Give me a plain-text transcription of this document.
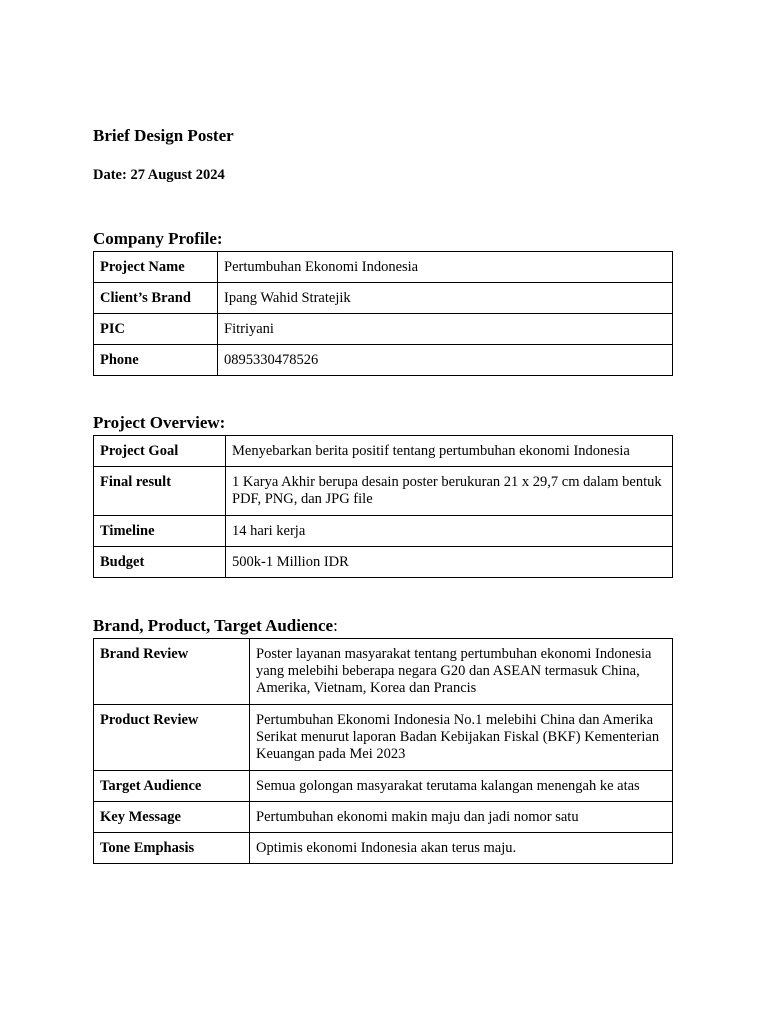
Brief Design Poster

Date: 27 August 2024

Company Profile:
Project Name	Pertumbuhan Ekonomi Indonesia
Client’s Brand	Ipang Wahid Stratejik
PIC	Fitriyani
Phone	0895330478526
Project Overview:
Project Goal	Menyebarkan berita positif tentang pertumbuhan ekonomi Indonesia
Final result	1 Karya Akhir berupa desain poster berukuran 21 x 29,7 cm dalam bentuk PDF, PNG, dan JPG file
Timeline	14 hari kerja
Budget	500k-1 Million IDR
Brand, Product, Target Audience:
Brand Review	Poster layanan masyarakat tentang pertumbuhan ekonomi Indonesia yang melebihi beberapa negara G20 dan ASEAN termasuk China, Amerika, Vietnam, Korea dan Prancis
Product Review	Pertumbuhan Ekonomi Indonesia No.1 melebihi China dan Amerika Serikat menurut laporan Badan Kebijakan Fiskal (BKF) Kementerian Keuangan pada Mei 2023
Target Audience	Semua golongan masyarakat terutama kalangan menengah ke atas
Key Message	Pertumbuhan ekonomi makin maju dan jadi nomor satu
Tone Emphasis	Optimis ekonomi Indonesia akan terus maju.
